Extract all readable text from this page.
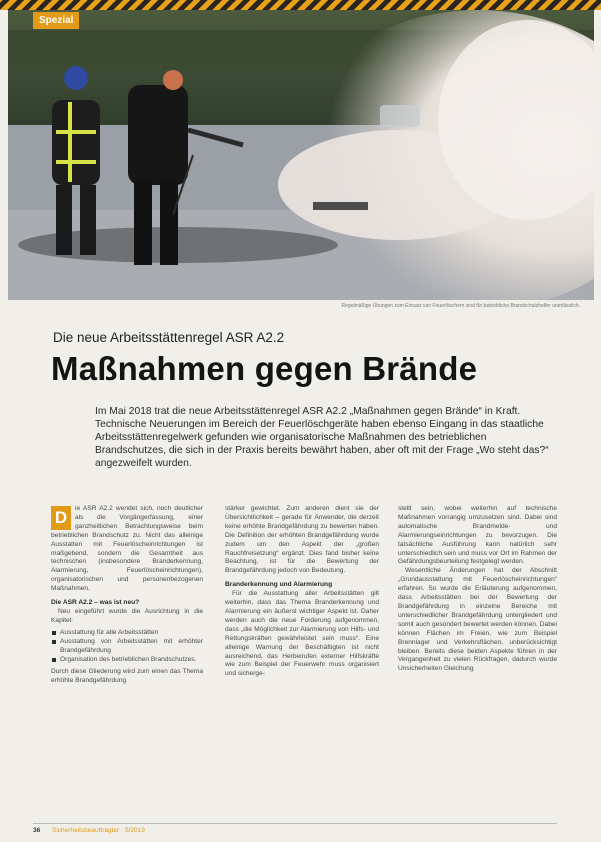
Spezial
Regelmäßige Übungen zum Einsatz von Feuerlöschern sind für betriebliche Brandschutzhelfer unerlässlich.
Die neue Arbeitsstättenregel ASR A2.2
Maßnahmen gegen Brände
Im Mai 2018 trat die neue Arbeitsstättenregel ASR A2.2 „Maßnahmen gegen Brände“ in Kraft. Technische Neuerungen im Bereich der Feuerlöschgeräte haben ebenso Eingang in das staatliche Arbeitsstättenregelwerk gefunden wie organisatorische Maßnahmen des betrieblichen Brandschutzes, die sich in der Praxis bereits bewährt haben, aber oft mit der Frage „Wo steht das?“ angezweifelt wurden.

D	ie ASR A2.2 wendet sich, noch deutlicher als die Vorgängerfassung, einer ganzheitlichen Betrachtungsweise beim betrieblichen Brandschutz zu. Nicht das alleinige Ausstatten mit Feuerlöscheinrichtungen ist maßgebend, sondern die Gesamtheit aus technischen (insbesondere Branderkennung, Alarmierung, Feuerlöscheinrichtungen), organisatorischen und personenbezogenen Maßnahmen.

Die ASR A2.2 – was ist neu?

Neu eingeführt wurde die Ausrichtung in die Kapitel:

Ausstattung für alle Arbeitsstätten
Ausstattung von Arbeitsstätten mit erhöhter Brandgefährdung
Organisation des betrieblichen Brandschutzes.

Durch diese Gliederung wird zum einen das Thema erhöhte Brandgefährdung

stärker gewichtet. Zum anderen dient sie der Übersichtlichkeit – gerade für Anwender, die derzeit keine erhöhte Brandgefährdung zu bewerten haben. Die Definition der erhöhten Brandgefährdung wurde zudem um den Aspekt der „großen Rauchfreisetzung“ ergänzt. Dies fand bisher keine Beachtung, ist für die Bewertung der Brandgefährdung jedoch von Bedeutung.

Branderkennung und Alarmierung

Für die Ausstattung aller Arbeitsstätten gilt weiterhin, dass das Thema Branderkennung und Alarmierung ein äußerst wichtiger Aspekt ist. Daher werden auch die neue Forderung aufgenommen, dass „die Möglichkeit zur Alarmierung von Hilfs- und Rettungskräften gewährleistet sein muss“. Eine alleinige Warnung der Beschäftigten ist nicht ausreichend, das Herbeirufen externer Hilfskräfte wie zum Beispiel der Feuerwehr muss organisiert und sicherge-

stellt sein, wobei weiterhin auf technische Maßnahmen vorrangig umzusetzen sind. Dabei sind automatische Brandmelde- und Alarmierungseinrichtungen zu bevorzugen. Die tatsächliche Ausführung kann natürlich sehr unterschiedlich sein und muss vor Ort im Rahmen der Gefährdungsbeurteilung festgelegt werden.

Wesentliche Änderungen hat der Abschnitt „Grundausstattung mit Feuerlöscheinrichtungen“ erfahren. So wurde die Erläuterung aufgenommen, dass Arbeitsstätten bei der Bewertung der Brandgefährdung in einzelne Bereiche mit unterschiedlicher Brandgefährdung untergliedert und somit auch gesondert bewertet werden können. Dabei können Flächen im Freien, wie zum Beispiel Brennlager und Verkehrsflächen, unberücksichtigt bleiben. Bereits diese beiden Aspekte führen in der Vergangenheit zu vielen Rückfragen, dadurch wurde Unsicherheiten Gleichung

36 Sicherheitsbeauftragter · 5/2019
